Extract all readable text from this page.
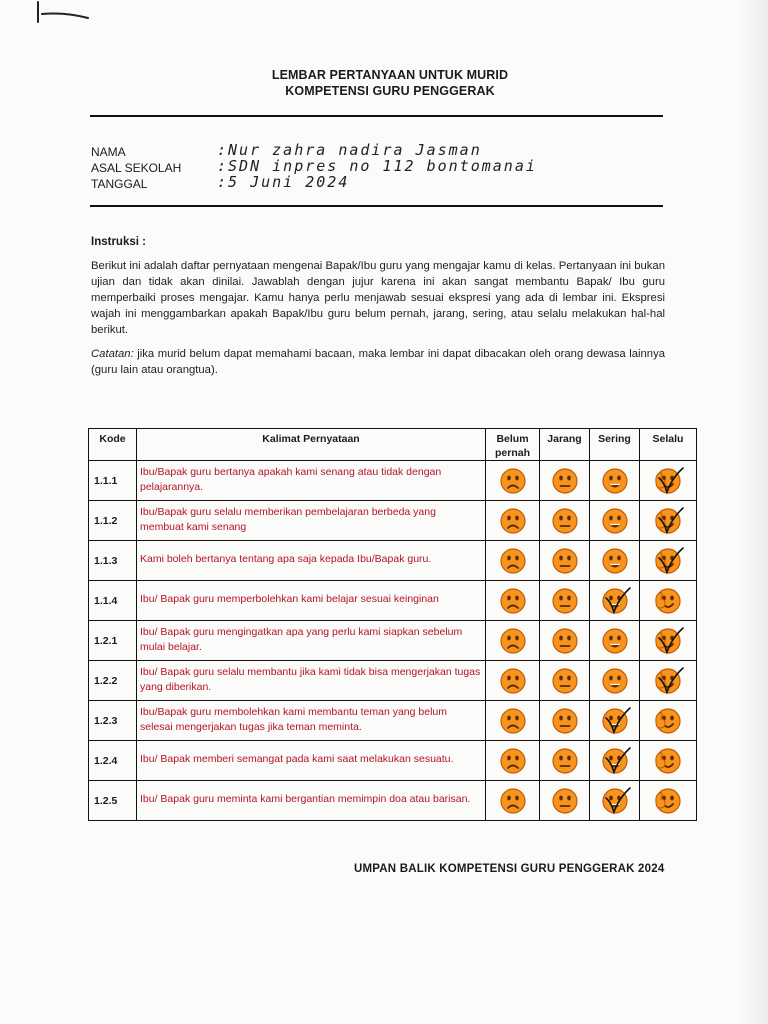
LEMBAR PERTANYAAN UNTUK MURID
KOMPETENSI GURU PENGGERAK
NAMA	:Nur zahra nadira Jasman
ASAL SEKOLAH	:SDN inpres no 112 bontomanai
TANGGAL	:5 Juni 2024
Instruksi :

Berikut ini adalah daftar pernyataan mengenai Bapak/Ibu guru yang mengajar kamu di kelas. Pertanyaan ini bukan ujian dan tidak akan dinilai. Jawablah dengan jujur karena ini akan sangat membantu Bapak/ Ibu guru memperbaiki proses mengajar. Kamu hanya perlu menjawab sesuai ekspresi yang ada di lembar ini. Ekspresi wajah ini menggambarkan apakah Bapak/Ibu guru belum pernah, jarang, sering, atau selalu melakukan hal-hal berikut.

Catatan: jika murid belum dapat memahami bacaan, maka lembar ini dapat dibacakan oleh orang dewasa lainnya (guru lain atau orangtua).

Kode	Kalimat Pernyataan	Belum pernah	Jarang	Sering	Selalu
1.1.1	Ibu/Bapak guru bertanya apakah kami senang atau tidak dengan pelajarannya.				

1.1.2	Ibu/Bapak guru selalu memberikan pembelajaran berbeda yang membuat kami senang				

1.1.3	Kami boleh bertanya tentang apa saja kepada Ibu/Bapak guru.				

1.1.4	Ibu/ Bapak guru memperbolehkan kami belajar sesuai keinginan			

1.2.1	Ibu/ Bapak guru mengingatkan apa yang perlu kami siapkan sebelum mulai belajar.				

1.2.2	Ibu/ Bapak guru selalu membantu jika kami tidak bisa mengerjakan tugas yang diberikan.				

1.2.3	Ibu/Bapak guru membolehkan kami membantu teman yang belum selesai mengerjakan tugas jika teman meminta.			

1.2.4	Ibu/ Bapak memberi semangat pada kami saat melakukan sesuatu.			

1.2.5	Ibu/ Bapak guru meminta kami bergantian memimpin doa atau barisan.			

UMPAN BALIK KOMPETENSI GURU PENGGERAK 2024
